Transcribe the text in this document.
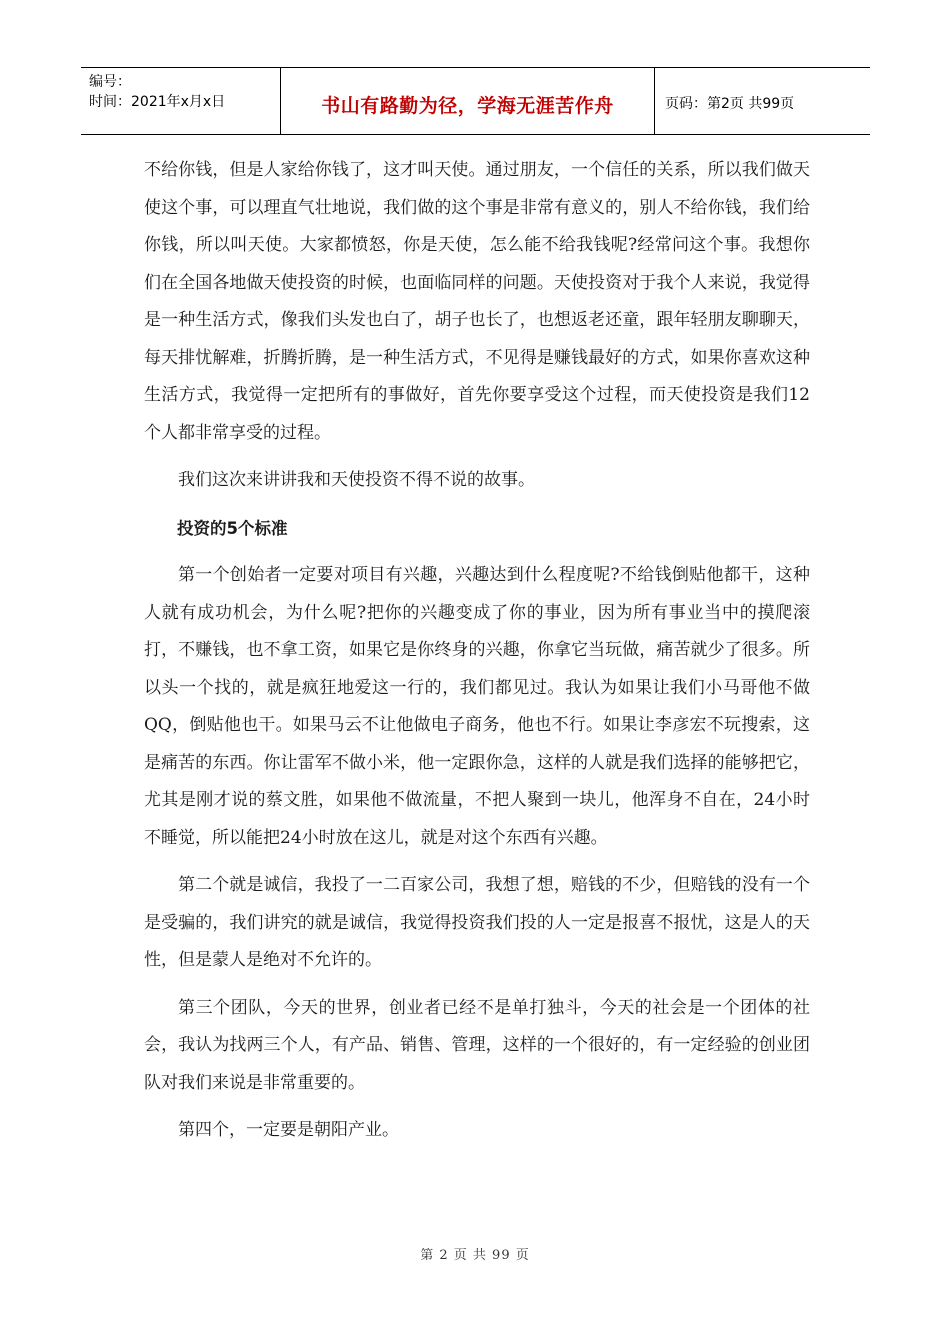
编号：
时间：2021年x月x日	书山有路勤为径，学海无涯苦作舟	页码：第2页 共99页

不给你钱，但是人家给你钱了，这才叫天使。通过朋友，一个信任的关系，所以我们做天使这个事，可以理直气壮地说，我们做的这个事是非常有意义的，别人不给你钱，我们给你钱，所以叫天使。大家都愤怒，你是天使，怎么能不给我钱呢?经常问这个事。我想你们在全国各地做天使投资的时候，也面临同样的问题。天使投资对于我个人来说，我觉得是一种生活方式，像我们头发也白了，胡子也长了，也想返老还童，跟年轻朋友聊聊天，每天排忧解难，折腾折腾，是一种生活方式，不见得是赚钱最好的方式，如果你喜欢这种生活方式，我觉得一定把所有的事做好，首先你要享受这个过程，而天使投资是我们12个人都非常享受的过程。

我们这次来讲讲我和天使投资不得不说的故事。

投资的5个标准

第一个创始者一定要对项目有兴趣，兴趣达到什么程度呢?不给钱倒贴他都干，这种人就有成功机会，为什么呢?把你的兴趣变成了你的事业，因为所有事业当中的摸爬滚打，不赚钱，也不拿工资，如果它是你终身的兴趣，你拿它当玩做，痛苦就少了很多。所以头一个找的，就是疯狂地爱这一行的，我们都见过。我认为如果让我们小马哥他不做QQ，倒贴他也干。如果马云不让他做电子商务，他也不行。如果让李彦宏不玩搜索，这是痛苦的东西。你让雷军不做小米，他一定跟你急，这样的人就是我们选择的能够把它，尤其是刚才说的蔡文胜，如果他不做流量，不把人聚到一块儿，他浑身不自在，24小时不睡觉，所以能把24小时放在这儿，就是对这个东西有兴趣。

第二个就是诚信，我投了一二百家公司，我想了想，赔钱的不少，但赔钱的没有一个是受骗的，我们讲究的就是诚信，我觉得投资我们投的人一定是报喜不报忧，这是人的天性，但是蒙人是绝对不允许的。

第三个团队，今天的世界，创业者已经不是单打独斗，今天的社会是一个团体的社会，我认为找两三个人，有产品、销售、管理，这样的一个很好的，有一定经验的创业团队对我们来说是非常重要的。

第四个，一定要是朝阳产业。

第 2 页 共 99 页
